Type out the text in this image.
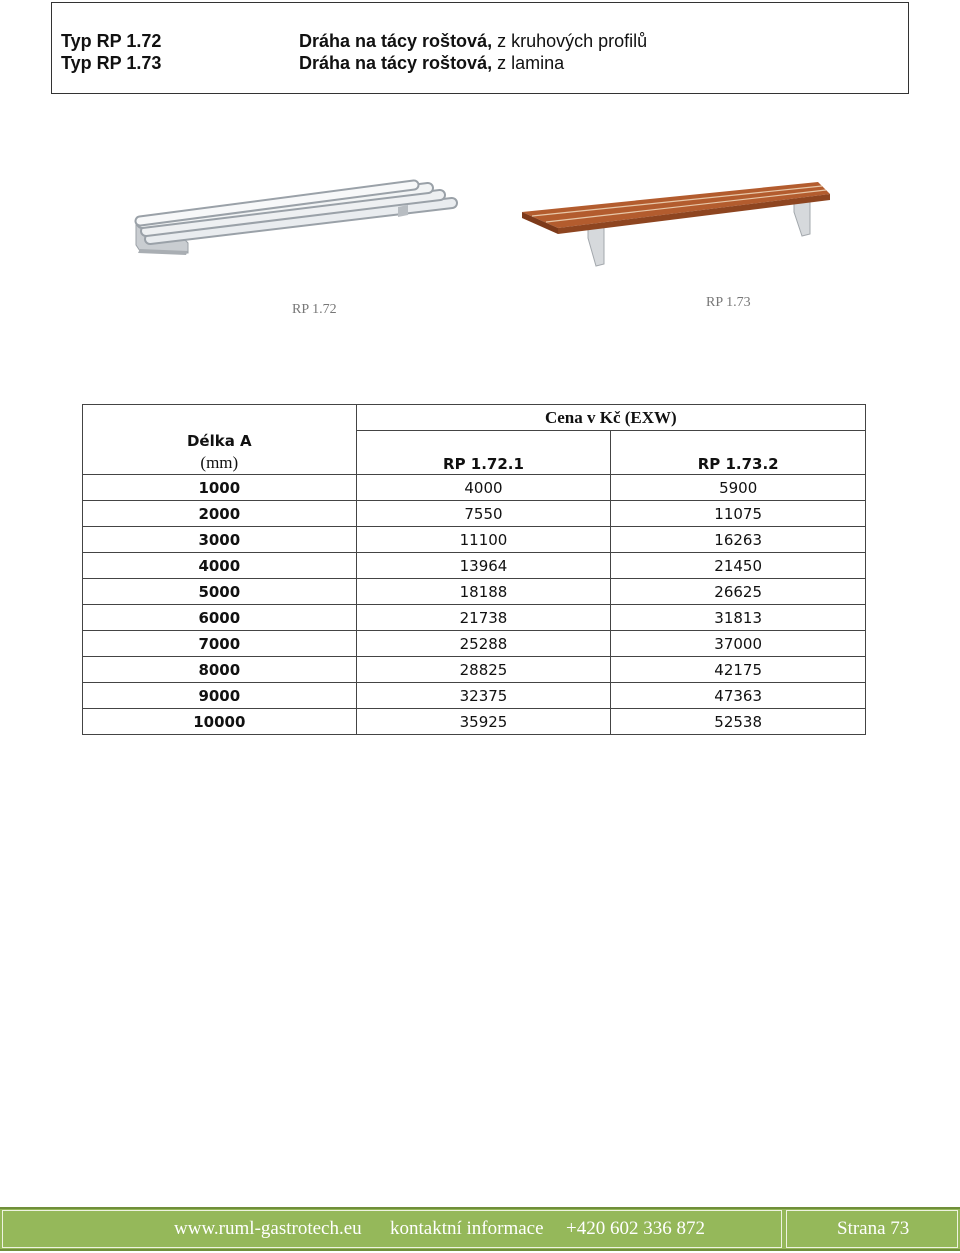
Typ RP 1.72	Dráha na tácy roštová, z kruhových profilů
Typ RP 1.73	Dráha na tácy roštová, z lamina
RP 1.72	RP 1.73
Délka A
(mm)	Cena v Kč (EXW)	
	RP 1.72.1	RP 1.73.2
1000	4000	5900
2000	7550	11075
3000	11100	16263
4000	13964	21450
5000	18188	26625
6000	21738	31813
7000	25288	37000
8000	28825	42175
9000	32375	47363
10000	35925	52538
www.ruml-gastrotech.eu kontaktní informace +420 602 336 872	Strana 73
